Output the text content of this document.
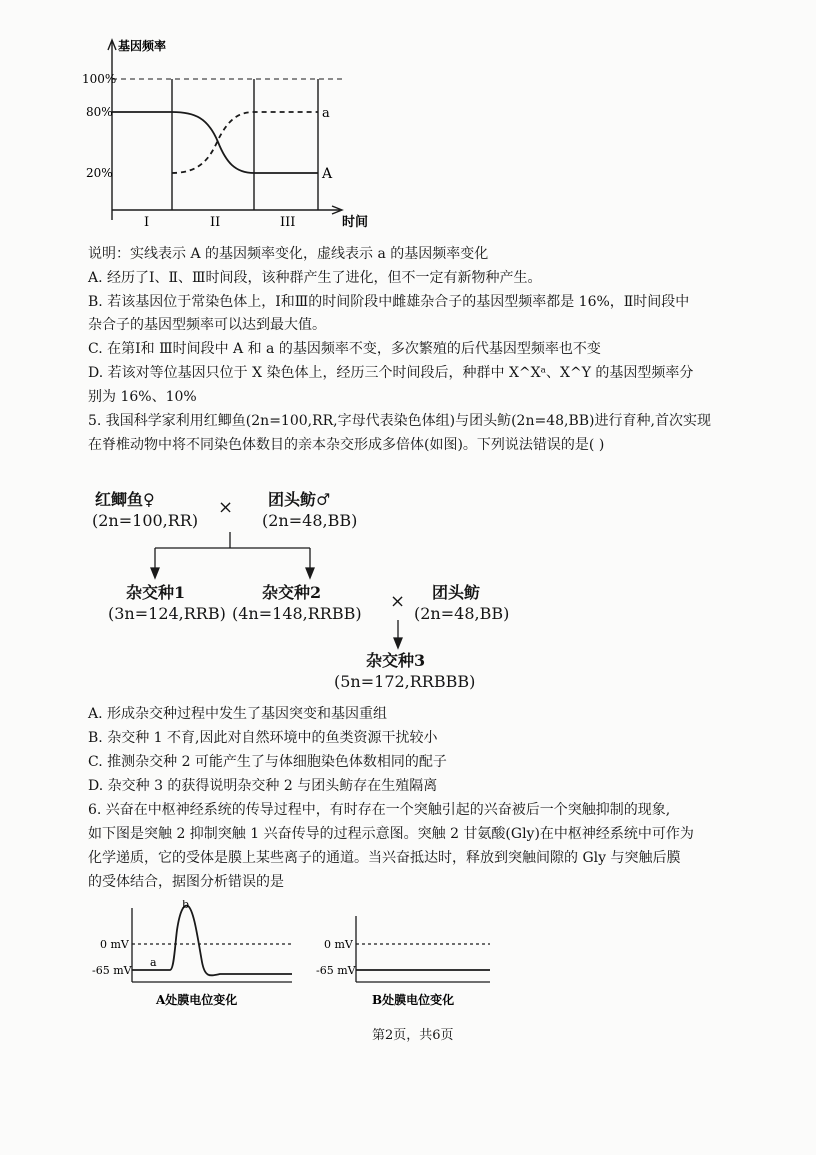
基因频率
100%
80%
20%
I	II	III	时间
a
A
说明：实线表示 A 的基因频率变化，虚线表示 a 的基因频率变化
A. 经历了Ⅰ、Ⅱ、Ⅲ时间段，该种群产生了进化，但不一定有新物种产生。
B. 若该基因位于常染色体上，Ⅰ和Ⅲ的时间阶段中雌雄杂合子的基因型频率都是 16%，Ⅱ时间段中
杂合子的基因型频率可以达到最大值。
C. 在第Ⅰ和 Ⅲ时间段中 A 和 a 的基因频率不变，多次繁殖的后代基因型频率也不变
D. 若该对等位基因只位于 X 染色体上，经历三个时间段后，种群中 X^Xᵃ、X^Y 的基因型频率分
别为 16%、10%
5. 我国科学家利用红鲫鱼(2n=100,RR,字母代表染色体组)与团头鲂(2n=48,BB)进行育种,首次实现
在脊椎动物中将不同染色体数目的亲本杂交形成多倍体(如图)。下列说法错误的是( )
红鲫鱼♀
(2n=100,RR)
× 团头鲂♂
(2n=48,BB)
杂交种1
(3n=124,RRB)
杂交种2
(4n=148,RRBB)
× 团头鲂
(2n=48,BB)
杂交种3
(5n=172,RRBBB)
A. 形成杂交种过程中发生了基因突变和基因重组
B. 杂交种 1 不育,因此对自然环境中的鱼类资源干扰较小
C. 推测杂交种 2 可能产生了与体细胞染色体数相同的配子
D. 杂交种 3 的获得说明杂交种 2 与团头鲂存在生殖隔离
6. 兴奋在中枢神经系统的传导过程中，有时存在一个突触引起的兴奋被后一个突触抑制的现象,
如下图是突触 2 抑制突触 1 兴奋传导的过程示意图。突触 2 甘氨酸(Gly)在中枢神经系统中可作为
化学递质，它的受体是膜上某些离子的通道。当兴奋抵达时，释放到突触间隙的 Gly 与突触后膜
的受体结合，据图分析错误的是
0 mV
-65 mV
a
b
A处膜电位变化
0 mV
-65 mV
B处膜电位变化
第2页，共6页
